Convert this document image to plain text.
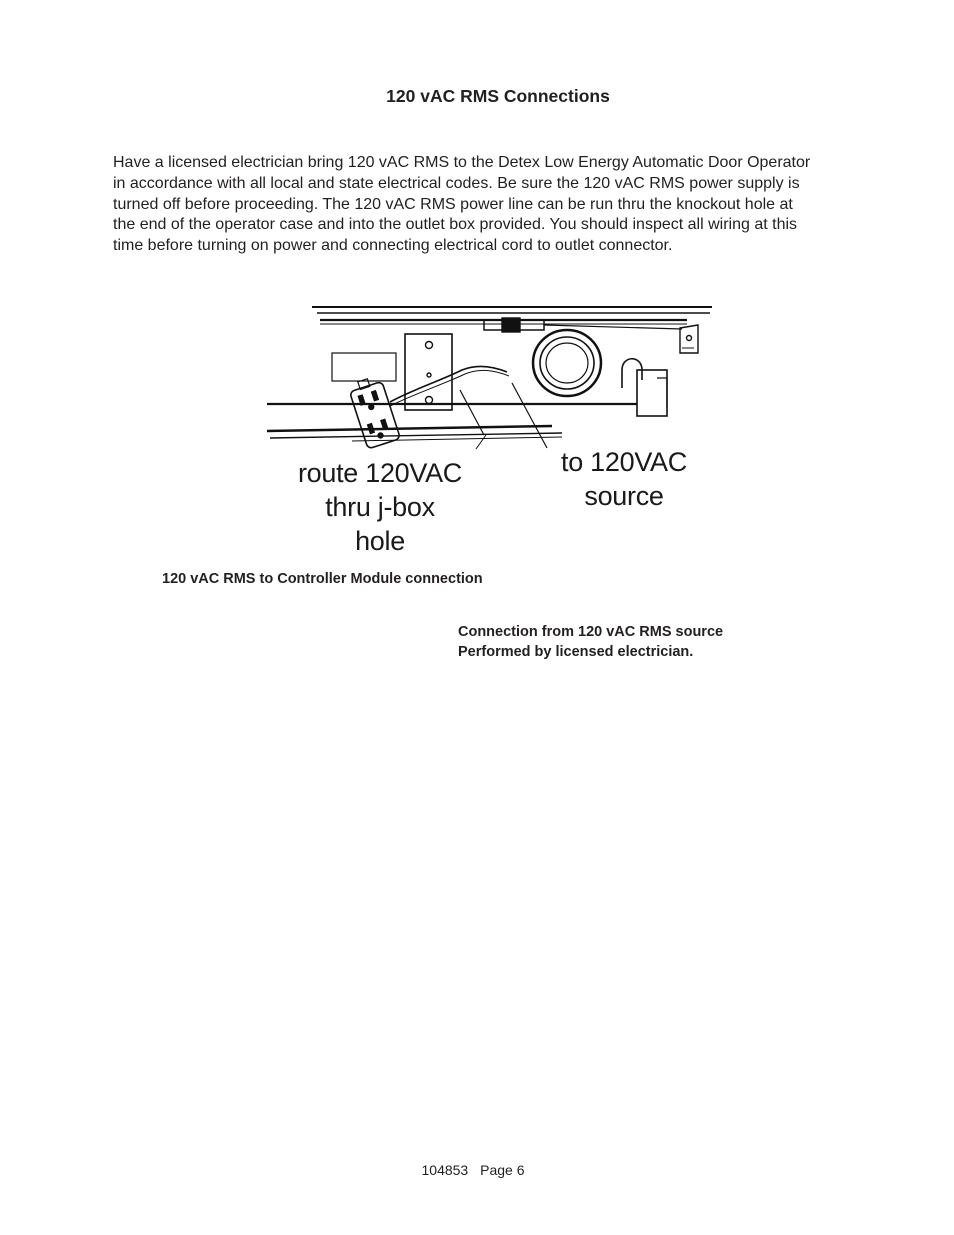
120 vAC RMS Connections

Have a licensed electrician bring 120 vAC RMS to the Detex Low Energy Automatic Door Operator
in accordance with all local and state electrical codes. Be sure the 120 vAC RMS power supply is
turned off before proceeding. The 120 vAC RMS power line can be run thru the knockout hole at
the end of the operator case and into the outlet box provided. You should inspect all wiring at this
time before turning on power and connecting electrical cord to outlet connector.

route 120VAC
thru j-box
hole
to 120VAC
source
120 vAC RMS to Controller Module connection
Connection from 120 vAC RMS source
Performed by licensed electrician.
104853 Page 6
